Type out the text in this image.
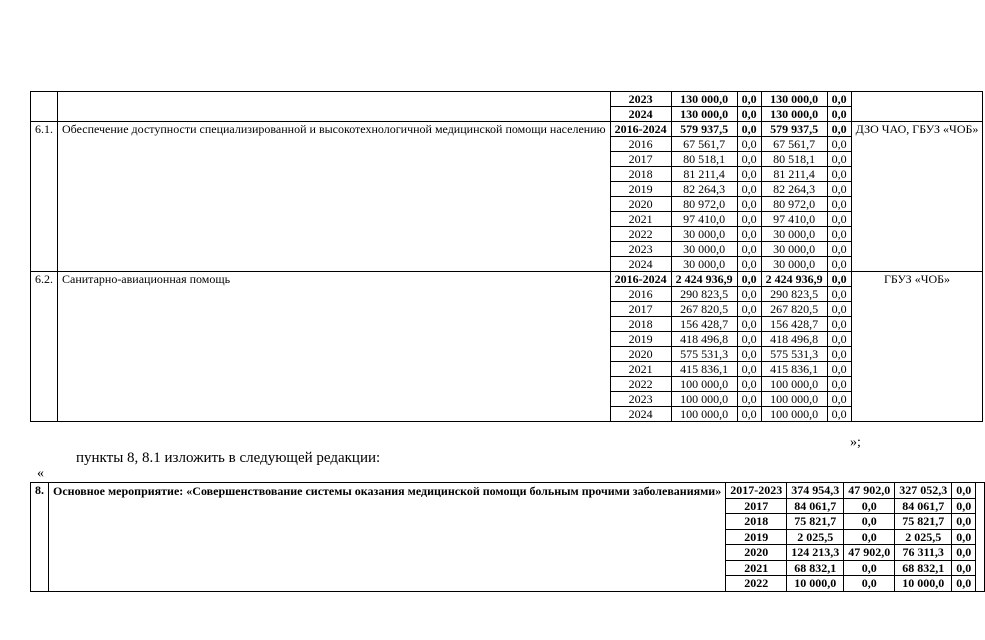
		2023	130 000,0	0,0	130 000,0	0,0	
		2024	130 000,0	0,0	130 000,0	0,0	
6.1.	Обеспечение доступности специализированной и высокотехнологичной медицинской помощи населению	2016-2024	579 937,5	0,0	579 937,5	0,0	ДЗО ЧАО, ГБУЗ «ЧОБ»
		2016	67 561,7	0,0	67 561,7	0,0	
		2017	80 518,1	0,0	80 518,1	0,0	
		2018	81 211,4	0,0	81 211,4	0,0	
		2019	82 264,3	0,0	82 264,3	0,0	
		2020	80 972,0	0,0	80 972,0	0,0	
		2021	97 410,0	0,0	97 410,0	0,0	
		2022	30 000,0	0,0	30 000,0	0,0	
		2023	30 000,0	0,0	30 000,0	0,0	
		2024	30 000,0	0,0	30 000,0	0,0	
6.2.	Санитарно-авиационная помощь	2016-2024	2 424 936,9	0,0	2 424 936,9	0,0	ГБУЗ «ЧОБ»
		2016	290 823,5	0,0	290 823,5	0,0	
		2017	267 820,5	0,0	267 820,5	0,0	
		2018	156 428,7	0,0	156 428,7	0,0	
		2019	418 496,8	0,0	418 496,8	0,0	
		2020	575 531,3	0,0	575 531,3	0,0	
		2021	415 836,1	0,0	415 836,1	0,0	
		2022	100 000,0	0,0	100 000,0	0,0	
		2023	100 000,0	0,0	100 000,0	0,0	
		2024	100 000,0	0,0	100 000,0	0,0	
»;
пункты 8, 8.1 изложить в следующей редакции:
«
8.	Основное мероприятие: «Совершенствование системы оказания медицинской помощи больным прочими заболеваниями»	2017-2023	374 954,3	47 902,0	327 052,3	0,0	
		2017	84 061,7	0,0	84 061,7	0,0	
		2018	75 821,7	0,0	75 821,7	0,0	
		2019	2 025,5	0,0	2 025,5	0,0	
		2020	124 213,3	47 902,0	76 311,3	0,0	
		2021	68 832,1	0,0	68 832,1	0,0	
		2022	10 000,0	0,0	10 000,0	0,0	
